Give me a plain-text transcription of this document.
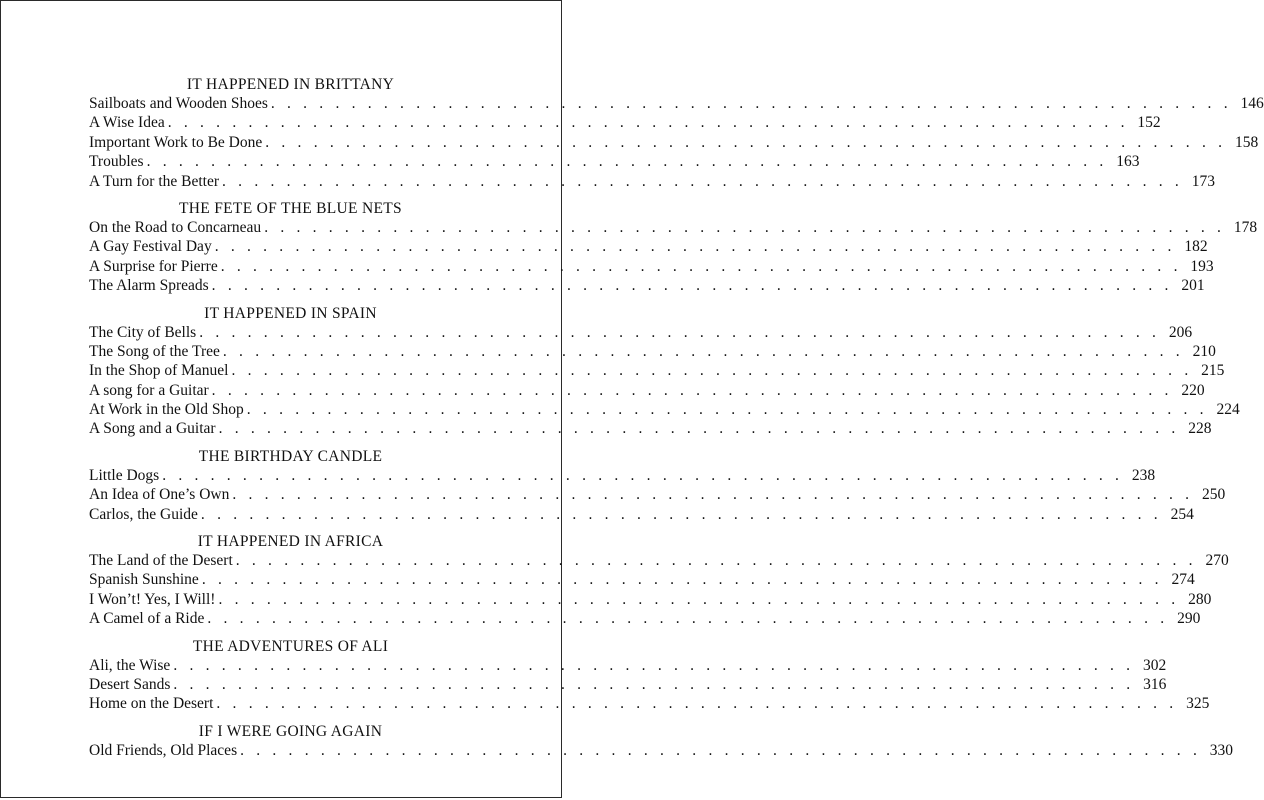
IT HAPPENED IN BRITTANY
Sailboats and Wooden Shoes . . . . . . . . . . . . . . . . . . . . . . . . . . . . . . . . . . . . . . . . . . . . . . . . . . . . . . . . . . . . 146
A Wise Idea . . . . . . . . . . . . . . . . . . . . . . . . . . . . . . . . . . . . . . . . . . . . . . . . . . . . . . . . . . . . 152
Important Work to Be Done . . . . . . . . . . . . . . . . . . . . . . . . . . . . . . . . . . . . . . . . . . . . . . . . . . . . . . . . . . . . 158
Troubles . . . . . . . . . . . . . . . . . . . . . . . . . . . . . . . . . . . . . . . . . . . . . . . . . . . . . . . . . . . . 163
A Turn for the Better . . . . . . . . . . . . . . . . . . . . . . . . . . . . . . . . . . . . . . . . . . . . . . . . . . . . . . . . . . . . 173
THE FETE OF THE BLUE NETS
On the Road to Concarneau . . . . . . . . . . . . . . . . . . . . . . . . . . . . . . . . . . . . . . . . . . . . . . . . . . . . . . . . . . . . 178
A Gay Festival Day . . . . . . . . . . . . . . . . . . . . . . . . . . . . . . . . . . . . . . . . . . . . . . . . . . . . . . . . . . . . 182
A Surprise for Pierre . . . . . . . . . . . . . . . . . . . . . . . . . . . . . . . . . . . . . . . . . . . . . . . . . . . . . . . . . . . . 193
The Alarm Spreads . . . . . . . . . . . . . . . . . . . . . . . . . . . . . . . . . . . . . . . . . . . . . . . . . . . . . . . . . . . . 201
IT HAPPENED IN SPAIN
The City of Bells . . . . . . . . . . . . . . . . . . . . . . . . . . . . . . . . . . . . . . . . . . . . . . . . . . . . . . . . . . . . 206
The Song of the Tree . . . . . . . . . . . . . . . . . . . . . . . . . . . . . . . . . . . . . . . . . . . . . . . . . . . . . . . . . . . . 210
In the Shop of Manuel . . . . . . . . . . . . . . . . . . . . . . . . . . . . . . . . . . . . . . . . . . . . . . . . . . . . . . . . . . . . 215
A song for a Guitar . . . . . . . . . . . . . . . . . . . . . . . . . . . . . . . . . . . . . . . . . . . . . . . . . . . . . . . . . . . . 220
At Work in the Old Shop . . . . . . . . . . . . . . . . . . . . . . . . . . . . . . . . . . . . . . . . . . . . . . . . . . . . . . . . . . . . 224
A Song and a Guitar . . . . . . . . . . . . . . . . . . . . . . . . . . . . . . . . . . . . . . . . . . . . . . . . . . . . . . . . . . . . 228
THE BIRTHDAY CANDLE
Little Dogs . . . . . . . . . . . . . . . . . . . . . . . . . . . . . . . . . . . . . . . . . . . . . . . . . . . . . . . . . . . . 238
An Idea of One’s Own . . . . . . . . . . . . . . . . . . . . . . . . . . . . . . . . . . . . . . . . . . . . . . . . . . . . . . . . . . . . 250
Carlos, the Guide . . . . . . . . . . . . . . . . . . . . . . . . . . . . . . . . . . . . . . . . . . . . . . . . . . . . . . . . . . . . 254
IT HAPPENED IN AFRICA
The Land of the Desert . . . . . . . . . . . . . . . . . . . . . . . . . . . . . . . . . . . . . . . . . . . . . . . . . . . . . . . . . . . . 270
Spanish Sunshine . . . . . . . . . . . . . . . . . . . . . . . . . . . . . . . . . . . . . . . . . . . . . . . . . . . . . . . . . . . . 274
I Won’t! Yes, I Will! . . . . . . . . . . . . . . . . . . . . . . . . . . . . . . . . . . . . . . . . . . . . . . . . . . . . . . . . . . . . 280
A Camel of a Ride . . . . . . . . . . . . . . . . . . . . . . . . . . . . . . . . . . . . . . . . . . . . . . . . . . . . . . . . . . . . 290
THE ADVENTURES OF ALI
Ali, the Wise . . . . . . . . . . . . . . . . . . . . . . . . . . . . . . . . . . . . . . . . . . . . . . . . . . . . . . . . . . . . 302
Desert Sands . . . . . . . . . . . . . . . . . . . . . . . . . . . . . . . . . . . . . . . . . . . . . . . . . . . . . . . . . . . . 316
Home on the Desert . . . . . . . . . . . . . . . . . . . . . . . . . . . . . . . . . . . . . . . . . . . . . . . . . . . . . . . . . . . . 325
IF I WERE GOING AGAIN
Old Friends, Old Places . . . . . . . . . . . . . . . . . . . . . . . . . . . . . . . . . . . . . . . . . . . . . . . . . . . . . . . . . . . . 330
